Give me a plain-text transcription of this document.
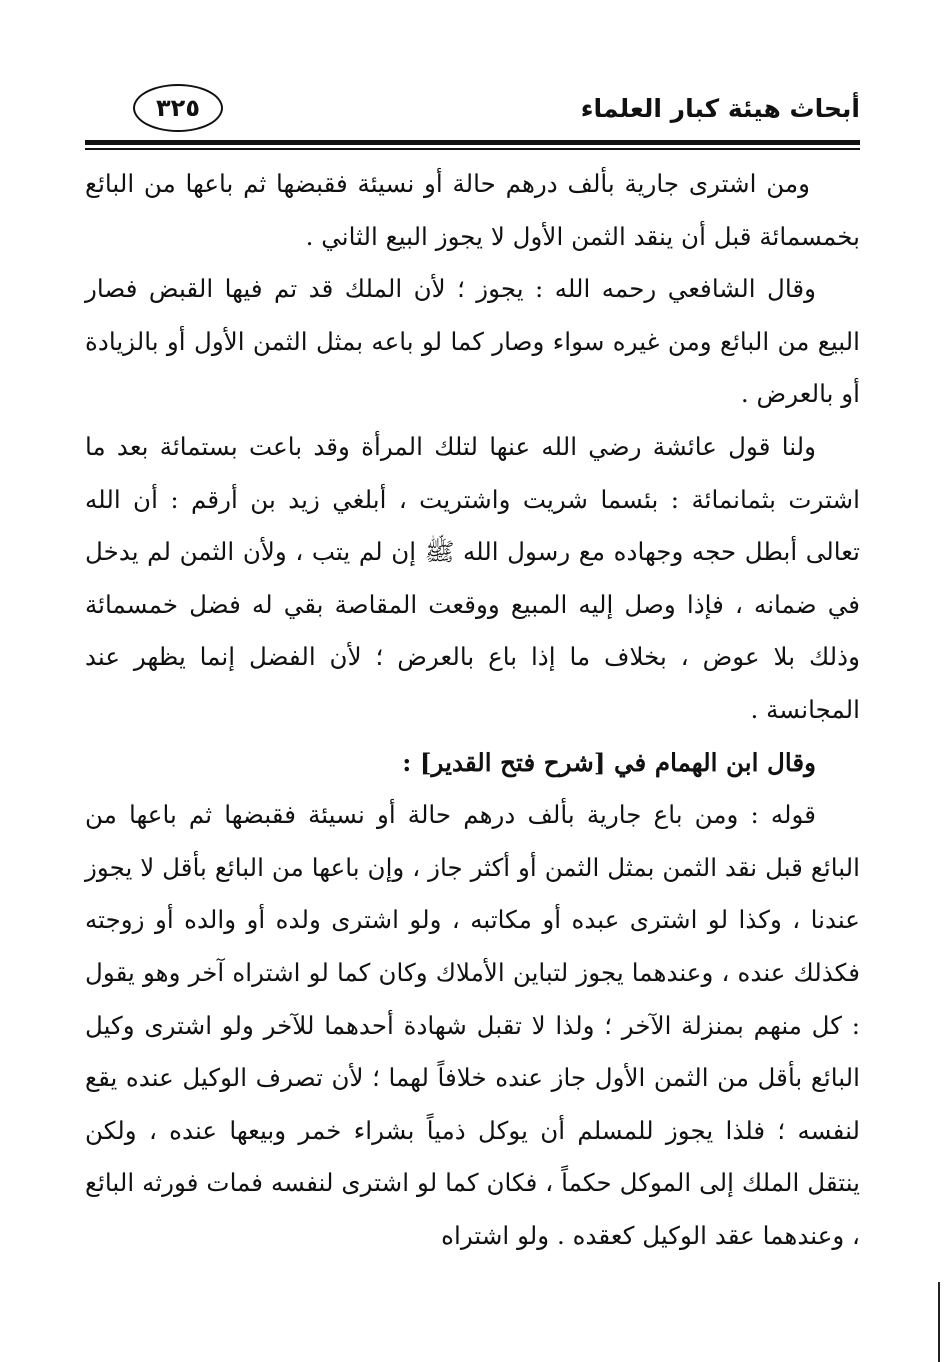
أبحاث هيئة كبار العلماء
٣٢٥

ومن اشترى جارية بألف درهم حالة أو نسيئة فقبضها ثم باعها من البائع بخمسمائة قبل أن ينقد الثمن الأول لا يجوز البيع الثاني .

وقال الشافعي رحمه الله : يجوز ؛ لأن الملك قد تم فيها القبض فصار البيع من البائع ومن غيره سواء وصار كما لو باعه بمثل الثمن الأول أو بالزيادة أو بالعرض .

ولنا قول عائشة رضي الله عنها لتلك المرأة وقد باعت بستمائة بعد ما اشترت بثمانمائة : بئسما شريت واشتريت ، أبلغي زيد بن أرقم : أن الله تعالى أبطل حجه وجهاده مع رسول الله ﷺ إن لم يتب ، ولأن الثمن لم يدخل في ضمانه ، فإذا وصل إليه المبيع ووقعت المقاصة بقي له فضل خمسمائة وذلك بلا عوض ، بخلاف ما إذا باع بالعرض ؛ لأن الفضل إنما يظهر عند المجانسة .

وقال ابن الهمام في [شرح فتح القدير] :

قوله : ومن باع جارية بألف درهم حالة أو نسيئة فقبضها ثم باعها من البائع قبل نقد الثمن بمثل الثمن أو أكثر جاز ، وإن باعها من البائع بأقل لا يجوز عندنا ، وكذا لو اشترى عبده أو مكاتبه ، ولو اشترى ولده أو والده أو زوجته فكذلك عنده ، وعندهما يجوز لتباين الأملاك وكان كما لو اشتراه آخر وهو يقول : كل منهم بمنزلة الآخر ؛ ولذا لا تقبل شهادة أحدهما للآخر ولو اشترى وكيل البائع بأقل من الثمن الأول جاز عنده خلافاً لهما ؛ لأن تصرف الوكيل عنده يقع لنفسه ؛ فلذا يجوز للمسلم أن يوكل ذمياً بشراء خمر وبيعها عنده ، ولكن ينتقل الملك إلى الموكل حكماً ، فكان كما لو اشترى لنفسه فمات فورثه البائع ، وعندهما عقد الوكيل كعقده . ولو اشتراه
